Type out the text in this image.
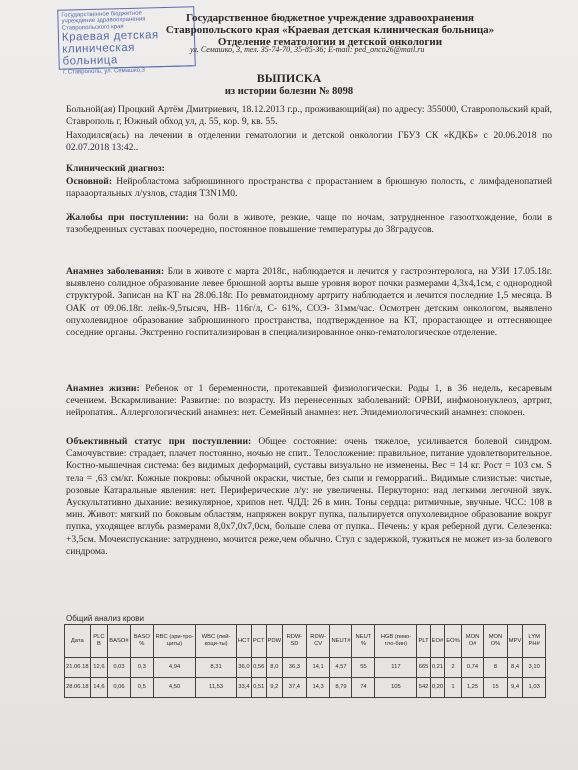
Государственное бюджетное
учреждение здравоохранения
Ставропольского края
Краевая детская
клиническая больница
г. Ставрополь, ул. Семашко,3
Государственное бюджетное учреждение здравоохранения
Ставропольского края «Краевая детская клиническая больница»
Отделение гематологии и детской онкологии
ул. Семашко, 3, тел. 35-74-70, 35-85-36; E-mail: ped_onco26@mail.ru
ВЫПИСКА
из истории болезни № 8098
Больной(ая) Процкий Артём Дмитриевич, 18.12.2013 г.р., проживающий(ая) по адресу: 355000, Ставропольский край, Ставрополь г, Южный обход ул, д. 55, кор. 9, кв. 55.
Находился(ась) на лечении в отделении гематологии и детской онкологии ГБУЗ СК «КДКБ» с 20.06.2018 по 02.07.2018 13:42..
Клинический диагноз:
Основной: Нейробластома забрюшинного пространства с прорастанием в брюшную полость, с лимфаденопатией парааортальных л/узлов, стадия T3N1M0.
Жалобы при поступлении: на боли в животе, резкие, чаще по ночам, затрудненное газоотхождение, боли в тазобедренных суставах поочередно, постоянное повышение температуры до 38градусов.
Анамнез заболевания: Бли в животе с марта 2018г., наблюдается и лечится у гастроэнтеролога, на УЗИ 17.05.18г. выявлено солидное образование левее брюшной аорты выше уровня ворот почки размерами 4,3х4,1см, с однородной структурой. Записан на КТ на 28.06.18г. По ревматоидному артриту наблюдается и лечится последние 1,5 месяца. В ОАК от 09.06.18г. лейк-9,5тысяч, НВ- 116г/л, С- 61%, СОЭ- 31мм/час. Осмотрен детским онкологом, выявлено опухолевидное образование забрюшинного пространства, подтвержденное на КТ, прорастающее и оттесняющее соседние органы. Экстренно госпитализирован в специализированное онко-гематологическое отделение.
Анамнез жизни: Ребенок от 1 беременности, протекавшей физиологически. Роды 1, в 36 недель, кесаревым сечением. Вскармливание: Развитие: по возрасту. Из перенесенных заболеваний: ОРВИ, инфмононуклеоз, артрит, нейропатия.. Аллергологический анамнез: нет. Семейный анамнез: нет. Эпидемиологический анамнез: спокоен.
Объективный статус при поступлении: Общее состояние: очень тяжелое, усиливается болевой синдром. Самочувствие: страдает, плачет постоянно, ночью не спит.. Телосложение: правильное, питание удовлетворительное. Костно-мышечная система: без видимых деформаций, суставы визуально не изменены. Вес = 14 кг. Рост = 103 см. S тела = ,63 см/кг. Кожные покровы: обычной окраски, чистые, без сыпи и геморрагий.. Видимые слизистые: чистые, розовые Катаральные явления: нет. Периферические л/у: не увеличены. Перкуторно: над легкими легочной звук. Аускультативно дыхание: везикулярное, хрипов нет. ЧДД: 26 в мин. Тоны сердца: ритмичные, звучные. ЧСС: 108 в мин. Живот: мягкий по боковым областям, напряжен вокруг пупка, пальпируется опухолевидное образование вокруг пупка, уходящее вглубь размерами 8,0х7,0х7,0см, больше слева от пупка.. Печень: у края реберной дуги. Селезенка: +3,5см. Мочеиспускание: затруднено, мочится реже,чем обычно. Стул с задержкой, тужиться не может из-за болевого синдрома.
Общий анализ крови
Дата	PLC B	BASO#	BASO %	RBC (эри-тро-циты)	WBC (лей-коци-ты)	HCT	PCT	PDW	RDW-SD	RDW-CV	NEUT#	NEUT %	HGB (гемо-гло-бин)	PLT	EO#	EO%	MON O#	MON O%	MPV	LYM PH#
21.06.18	12,6	0,03	0,3	4,94	8,31	36,0	0,56	8,0	36,3	14,1	4,57	55	117	665	0,21	2	0,74	8	8,4	3,10
28.06.18	14,6	0,06	0,5	4,50	11,53	33,4	0,51	9,2	37,4	14,3	8,79	74	105	542	0,20	1	1,25	15	9,4	1,03
